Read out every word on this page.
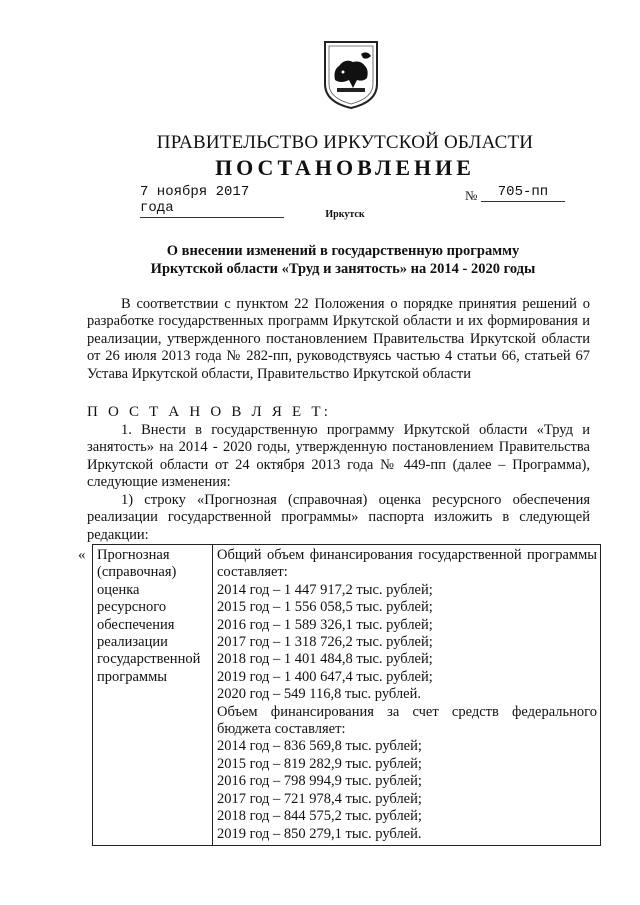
ПРАВИТЕЛЬСТВО ИРКУТСКОЙ ОБЛАСТИ
ПОСТАНОВЛЕНИЕ
7 ноября 2017 года
№	705-пп
Иркутск
О внесении изменений в государственную программу
Иркутской области «Труд и занятость» на 2014 - 2020 годы
В соответствии с пунктом 22 Положения о порядке принятия решений о разработке государственных программ Иркутской области и их формирования и реализации, утвержденного постановлением Правительства Иркутской области от 26 июля 2013 года № 282-пп, руководствуясь частью 4 статьи 66, статьей 67 Устава Иркутской области, Правительство Иркутской области
П О С Т А Н О В Л Я Е Т:
1. Внести в государственную программу Иркутской области «Труд и занятость» на 2014 - 2020 годы, утвержденную постановлением Правительства Иркутской области от 24 октября 2013 года № 449-пп (далее – Программа), следующие изменения:
1) строку «Прогнозная (справочная) оценка ресурсного обеспечения реализации государственной программы» паспорта изложить в следующей редакции:
« Прогнозная
(справочная)
оценка
ресурсного
обеспечения
реализации
государственной
программы

Общий объем финансирования государственной программы составляет:
2014 год – 1 447 917,2 тыс. рублей;
2015 год – 1 556 058,5 тыс. рублей;
2016 год – 1 589 326,1 тыс. рублей;
2017 год – 1 318 726,2 тыс. рублей;
2018 год – 1 401 484,8 тыс. рублей;
2019 год – 1 400 647,4 тыс. рублей;
2020 год – 549 116,8 тыс. рублей.
Объем финансирования за счет средств федерального бюджета составляет:
2014 год – 836 569,8 тыс. рублей;
2015 год – 819 282,9 тыс. рублей;
2016 год – 798 994,9 тыс. рублей;
2017 год – 721 978,4 тыс. рублей;
2018 год – 844 575,2 тыс. рублей;
2019 год – 850 279,1 тыс. рублей.
